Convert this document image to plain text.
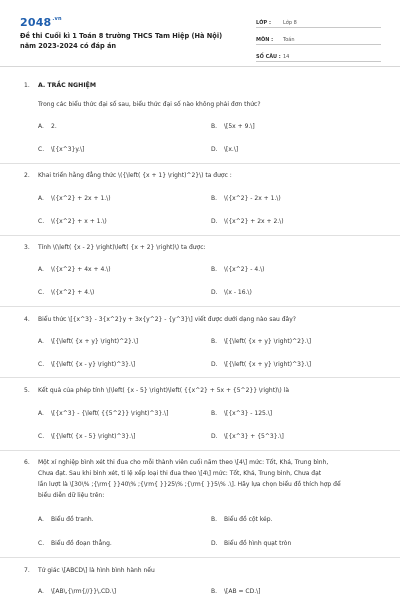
$2048^{.vn}$
Đề thi Cuối kì 1 Toán 8 trường THCS Tam Hiệp (Hà Nội)
năm 2023-2024 có đáp án
LỚP :	Lớp 8
MÔN :	Toán
SỐ CÂU : 14
1. A. TRẮC NGHIỆM
Trong các biểu thức đại số sau, biểu thức đại số nào không phải đơn thức?
A. 2.	B. \[5x + 9.\]
C. \[{x^3}y.\]	D. \[x.\]
2. Khai triển hằng đẳng thức \({\left( {x + 1} \right)^2}\) ta được :
A. \({x^2} + 2x + 1.\)	B. \({x^2} - 2x + 1.\)
C. \({x^2} + x + 1.\)	D. \({x^2} + 2x + 2.\)
3. Tính \(\left( {x - 2} \right)\left( {x + 2} \right)\) ta được:
A. \({x^2} + 4x + 4.\)	B. \({x^2} - 4.\)
C. \({x^2} + 4.\)	D. \(x - 16.\)
4. Biểu thức \[{x^3} - 3{x^2}y + 3x{y^2} - {y^3}\] viết được dưới dạng nào sau đây?
A. \[{\left( {x + y} \right)^2}.\]	B. \[{\left( {x + y} \right)^2}.\]
C. \[{\left( {x - y} \right)^3}.\]	D. \[{\left( {x + y} \right)^3}.\]
5. Kết quả của phép tính \(\left( {x - 5} \right)\left( {{x^2} + 5x + {5^2}} \right)\) là
A. \[{x^3} - {\left( {{5^2}} \right)^3}.\]	B. \[{x^3} - 125.\]
C. \[{\left( {x - 5} \right)^3}.\]	D. \[{x^3} + {5^3}.\]
6. Một xí nghiệp bình xét thi đua cho mỗi thành viên cuối năm theo \[4\] mức: Tốt, Khá, Trung bình,
Chưa đạt. Sau khi bình xét, tỉ lệ xếp loại thi đua theo \[4\] mức: Tốt, Khá, Trung bình, Chưa đạt
lần lượt là \[30\% ;{\rm{ }}40\% ;{\rm{ }}25\% ;{\rm{ }}5\% .\]. Hãy lựa chọn biểu đồ thích hợp để
biểu diễn dữ liệu trên:
A. Biểu đồ tranh.	B. Biểu đồ cột kép.
C. Biểu đồ đoạn thẳng.	D. Biểu đồ hình quạt tròn
7. Tứ giác \[ABCD\] là hình bình hành nếu
A. \[AB\,{\rm{//}}\,CD.\]	B. \[AB = CD.\]
